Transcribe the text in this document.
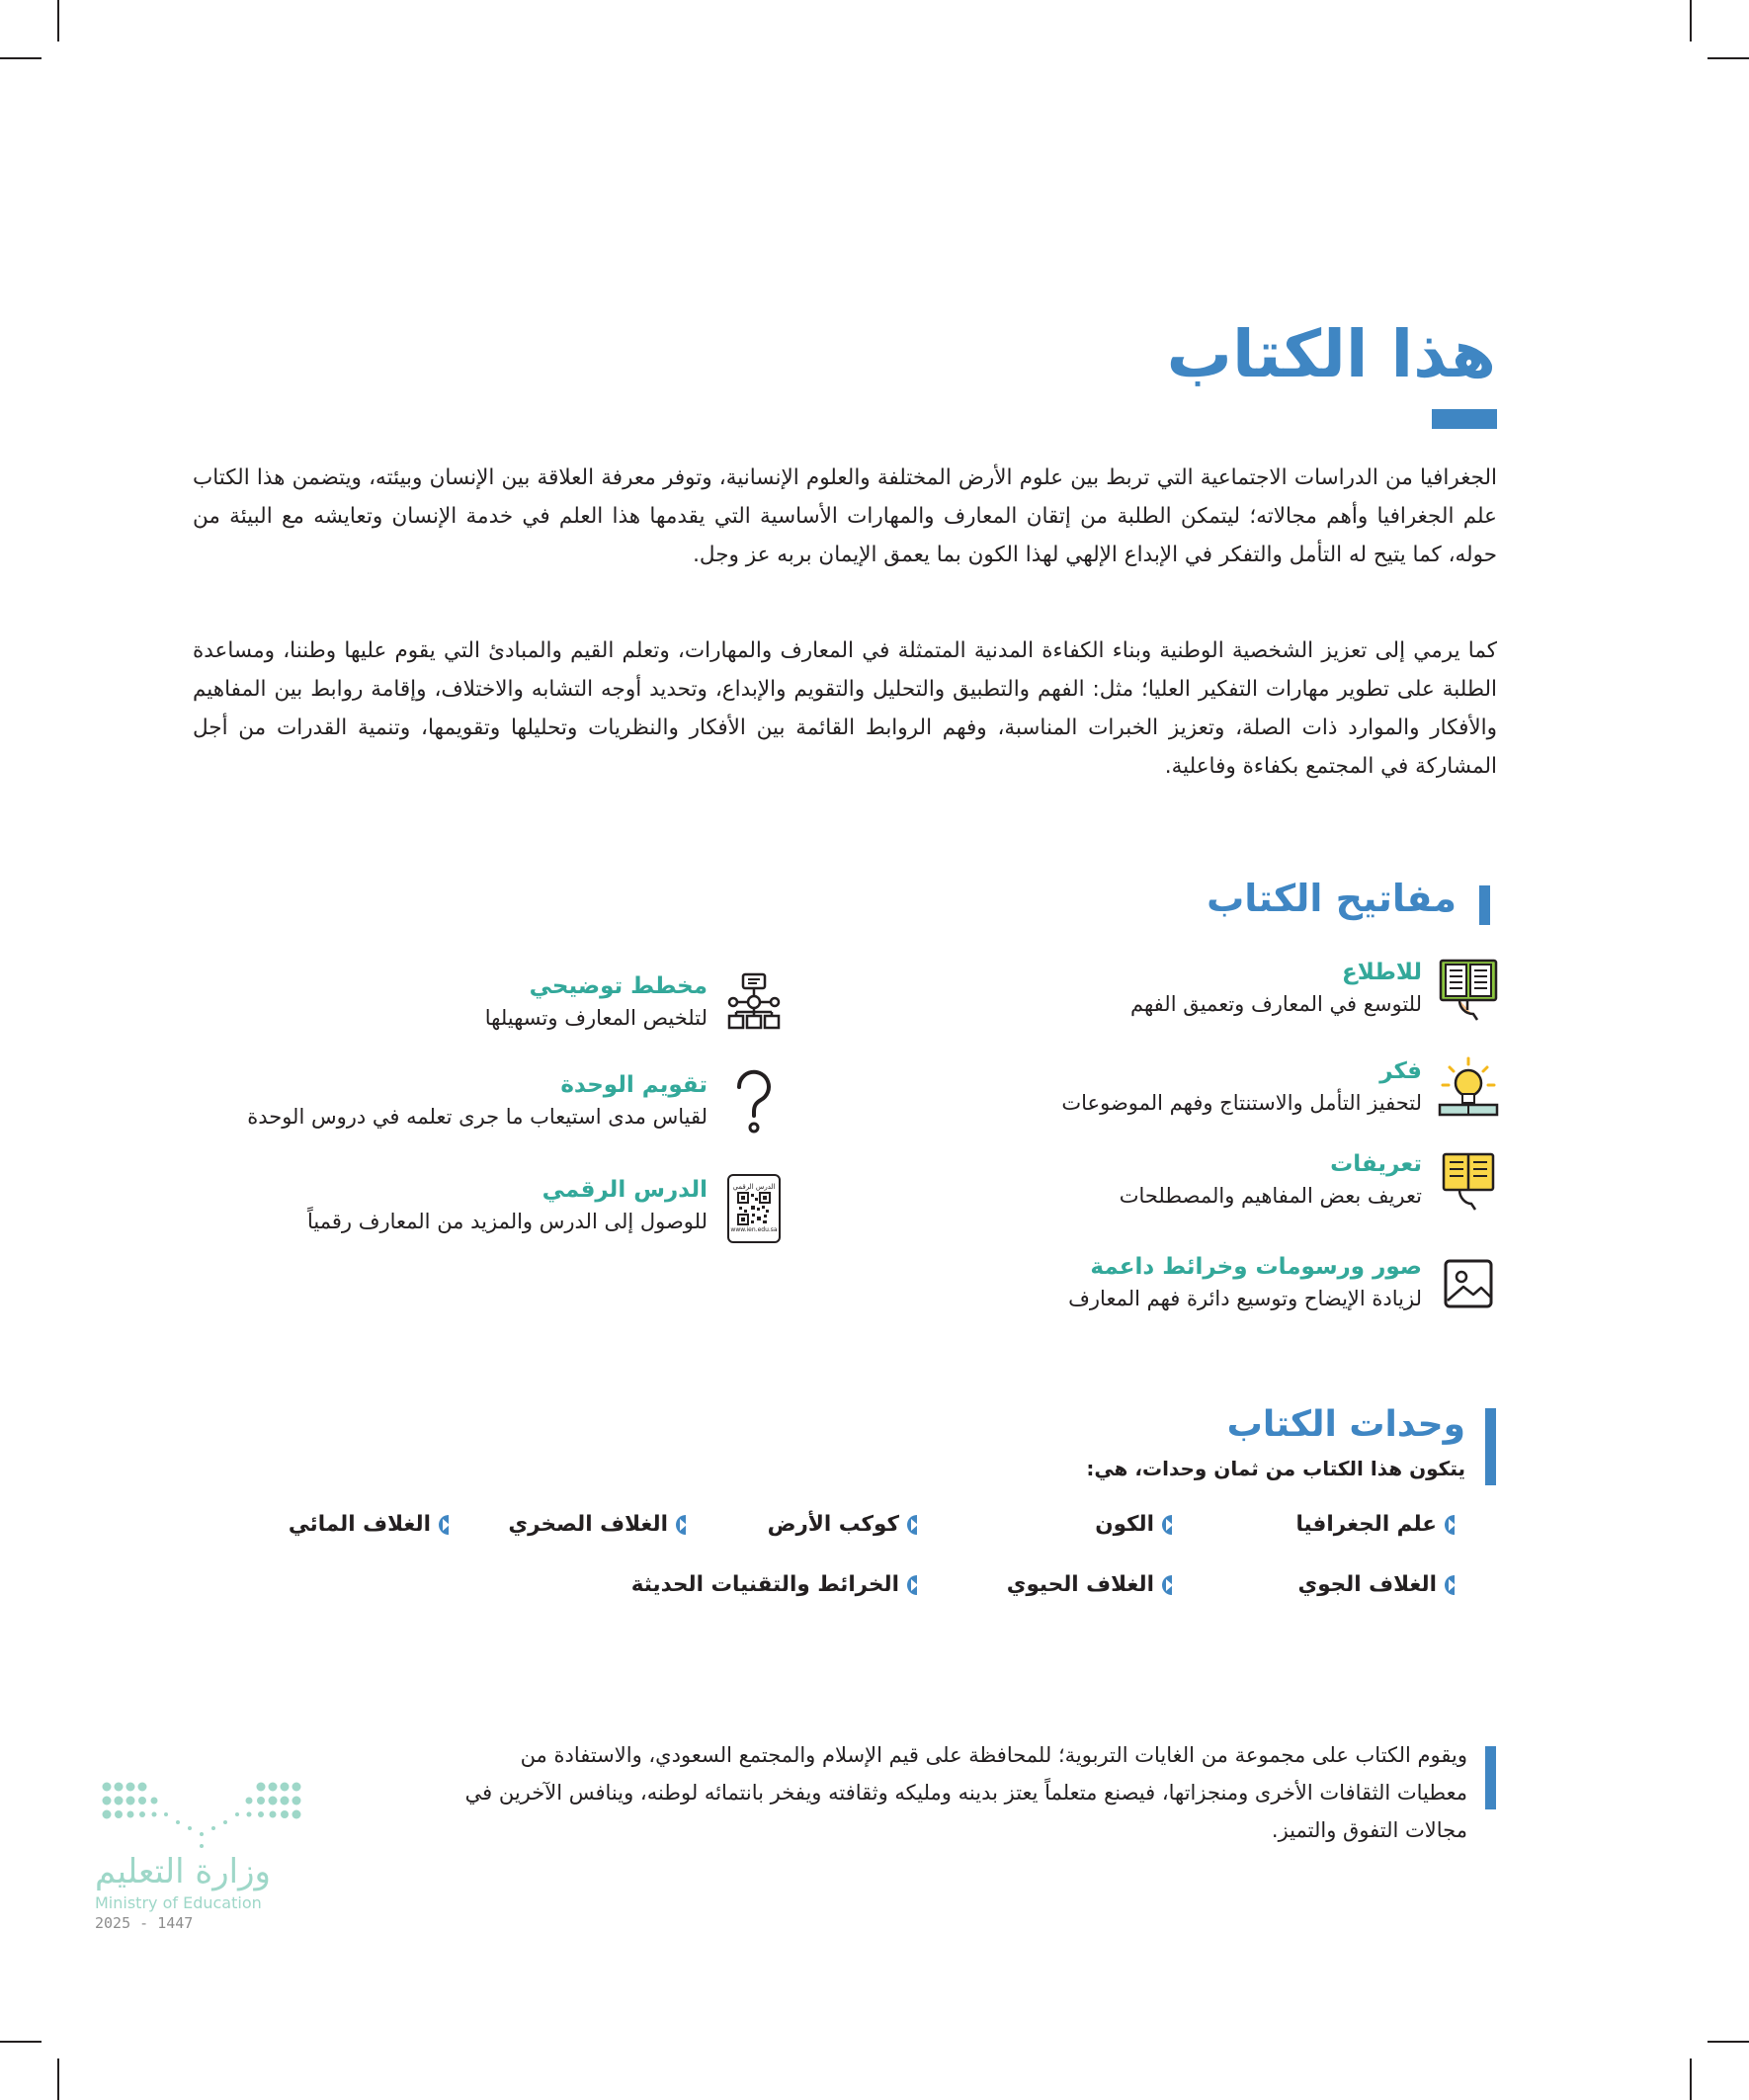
هذا الكتاب

الجغرافيا من الدراسات الاجتماعية التي تربط بين علوم الأرض المختلفة والعلوم الإنسانية، وتوفر معرفة العلاقة بين الإنسان وبيئته، ويتضمن هذا الكتاب علم الجغرافيا وأهم مجالاته؛ ليتمكن الطلبة من إتقان المعارف والمهارات الأساسية التي يقدمها هذا العلم في خدمة الإنسان وتعايشه مع البيئة من حوله، كما يتيح له التأمل والتفكر في الإبداع الإلهي لهذا الكون بما يعمق الإيمان بربه عز وجل.

كما يرمي إلى تعزيز الشخصية الوطنية وبناء الكفاءة المدنية المتمثلة في المعارف والمهارات، وتعلم القيم والمبادئ التي يقوم عليها وطننا، ومساعدة الطلبة على تطوير مهارات التفكير العليا؛ مثل: الفهم والتطبيق والتحليل والتقويم والإبداع، وتحديد أوجه التشابه والاختلاف، وإقامة روابط بين المفاهيم والأفكار والموارد ذات الصلة، وتعزيز الخبرات المناسبة، وفهم الروابط القائمة بين الأفكار والنظريات وتحليلها وتقويمها، وتنمية القدرات من أجل المشاركة في المجتمع بكفاءة وفاعلية.

مفاتيح الكتاب
للاطلاع
للتوسع في المعارف وتعميق الفهم
فكر
لتحفيز التأمل والاستنتاج وفهم الموضوعات
تعريفات
تعريف بعض المفاهيم والمصطلحات
صور ورسومات وخرائط داعمة
لزيادة الإيضاح وتوسيع دائرة فهم المعارف
مخطط توضيحي
لتلخيص المعارف وتسهيلها
تقويم الوحدة
لقياس مدى استيعاب ما جرى تعلمه في دروس الوحدة
الدرس الرقمي
www.ien.edu.sa
الدرس الرقمي
للوصول إلى الدرس والمزيد من المعارف رقمياً
وحدات الكتاب

يتكون هذا الكتاب من ثمان وحدات، هي:

علم الجغرافيا
الكون
كوكب الأرض
الغلاف الصخري
الغلاف المائي
الغلاف الجوي
الغلاف الحيوي
الخرائط والتقنيات الحديثة

ويقوم الكتاب على مجموعة من الغايات التربوية؛ للمحافظة على قيم الإسلام والمجتمع السعودي، والاستفادة من معطيات الثقافات الأخرى ومنجزاتها، فيصنع متعلماً يعتز بدينه ومليكه وثقافته ويفخر بانتمائه لوطنه، وينافس الآخرين في مجالات التفوق والتميز.

وزارة التعليم
Ministry of Education
2025 - 1447
